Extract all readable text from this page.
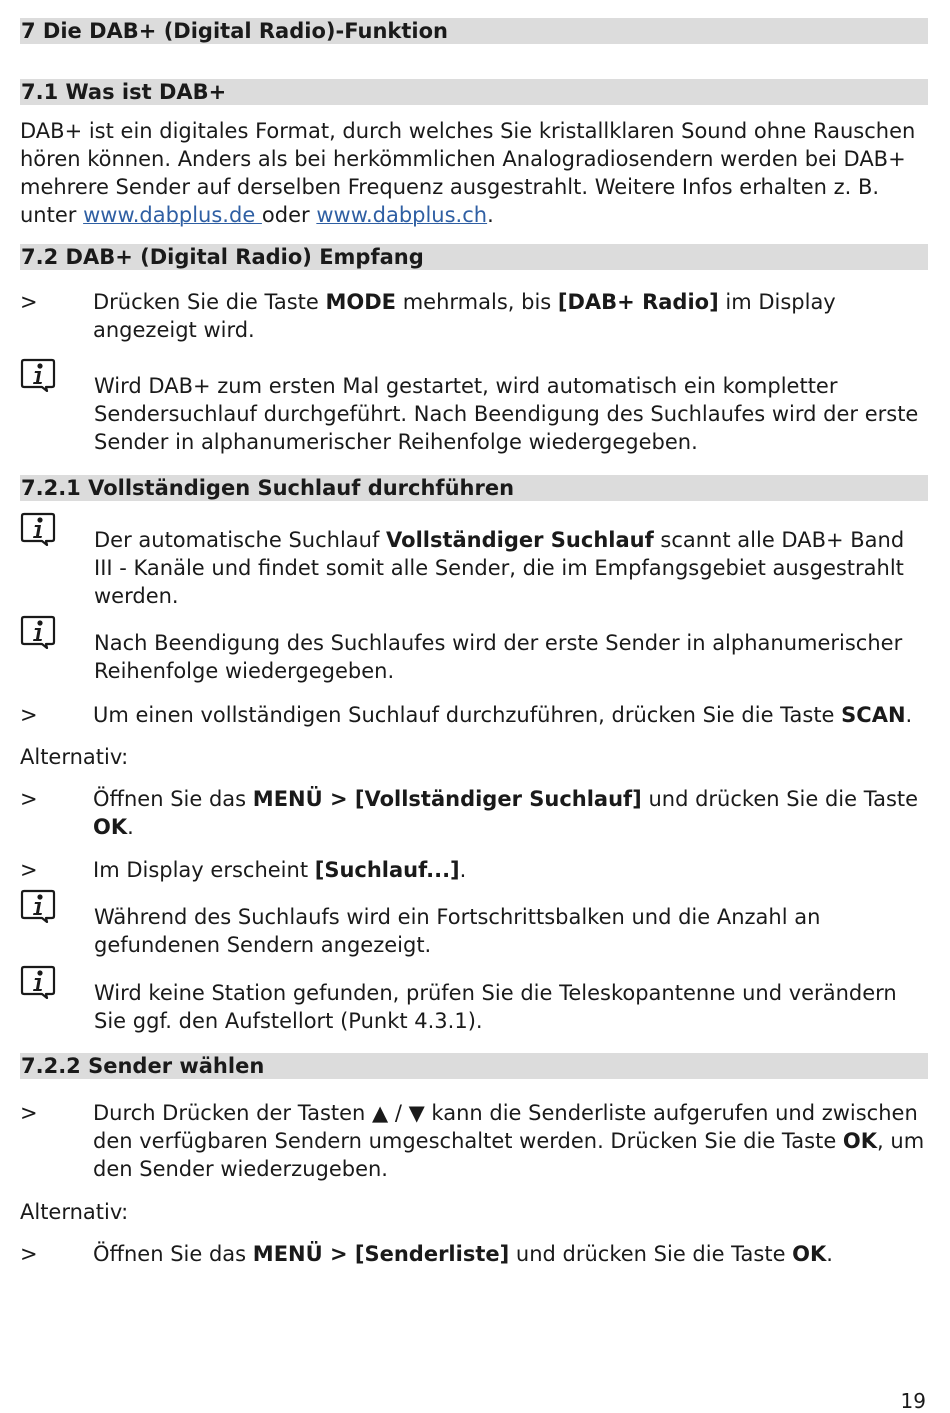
7 Die DAB+ (Digital Radio)-Funktion
7.1 Was ist DAB+
DAB+ ist ein digitales Format, durch welches Sie kristallklaren Sound ohne Rauschen hören können. Anders als bei herkömmlichen Analogradiosendern werden bei DAB+ mehrere Sender auf derselben Frequenz ausgestrahlt. Weitere Infos erhalten z. B. unter www.dabplus.de oder www.dabplus.ch.
7.2 DAB+ (Digital Radio) Empfang
>	Drücken Sie die Taste MODE mehrmals, bis [DAB+ Radio] im Display angezeigt wird.
Wird DAB+ zum ersten Mal gestartet, wird automatisch ein kompletter Sendersuchlauf durchgeführt. Nach Beendigung des Suchlaufes wird der erste Sender in alphanumerischer Reihenfolge wiedergegeben.
7.2.1 Vollständigen Suchlauf durchführen
Der automatische Suchlauf Vollständiger Suchlauf scannt alle DAB+ Band III - Kanäle und findet somit alle Sender, die im Empfangsgebiet ausgestrahlt werden.
Nach Beendigung des Suchlaufes wird der erste Sender in alphanumerischer Reihenfolge wiedergegeben.
>	Um einen vollständigen Suchlauf durchzuführen, drücken Sie die Taste SCAN.
Alternativ:
>	Öffnen Sie das MENÜ > [Vollständiger Suchlauf] und drücken Sie die Taste OK.
>	Im Display erscheint [Suchlauf...].
Während des Suchlaufs wird ein Fortschrittsbalken und die Anzahl an gefundenen Sendern angezeigt.
Wird keine Station gefunden, prüfen Sie die Teleskopantenne und verändern Sie ggf. den Aufstellort (Punkt 4.3.1).
7.2.2 Sender wählen
>	Durch Drücken der Tasten ▲ / ▼ kann die Senderliste aufgerufen und zwischen den verfügbaren Sendern umgeschaltet werden. Drücken Sie die Taste OK, um den Sender wiederzugeben.
Alternativ:
>	Öffnen Sie das MENÜ > [Senderliste] und drücken Sie die Taste OK.
19
